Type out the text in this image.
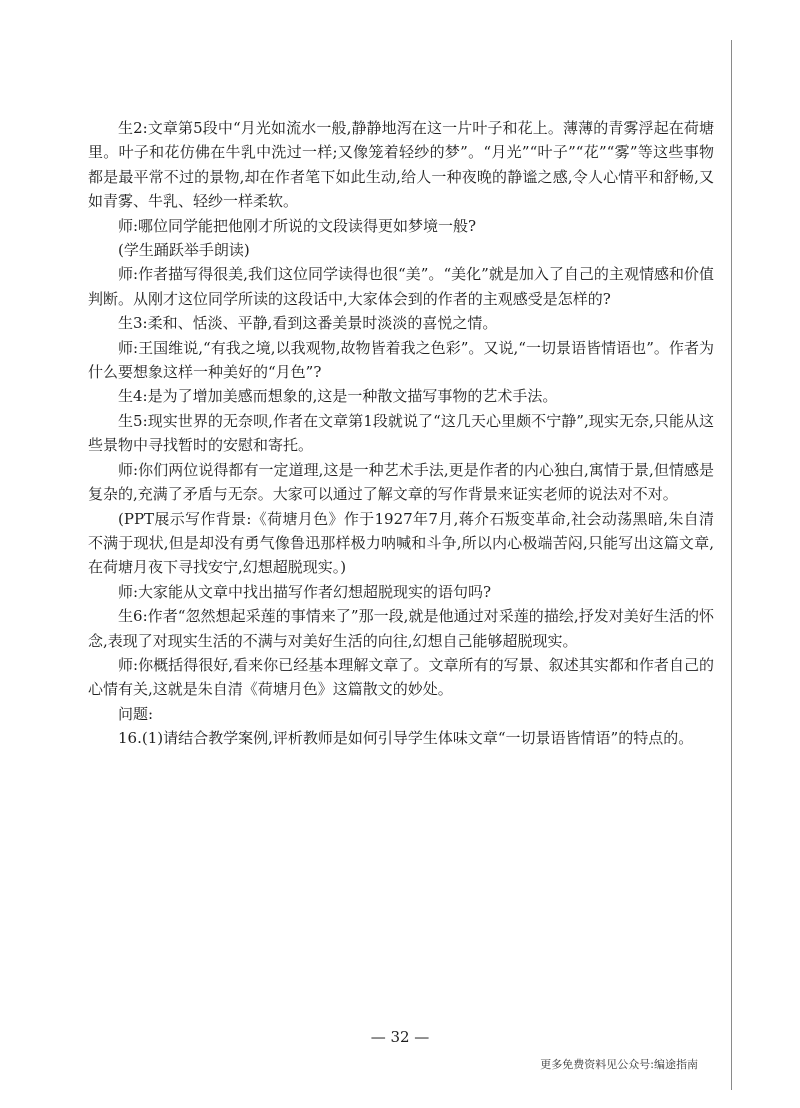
生2:文章第5段中“月光如流水一般,静静地泻在这一片叶子和花上。薄薄的青雾浮起在荷塘里。叶子和花仿佛在牛乳中洗过一样;又像笼着轻纱的梦”。“月光”“叶子”“花”“雾”等这些事物都是最平常不过的景物,却在作者笔下如此生动,给人一种夜晚的静谧之感,令人心情平和舒畅,又如青雾、牛乳、轻纱一样柔软。

师:哪位同学能把他刚才所说的文段读得更如梦境一般?

(学生踊跃举手朗读)

师:作者描写得很美,我们这位同学读得也很“美”。“美化”就是加入了自己的主观情感和价值判断。从刚才这位同学所读的这段话中,大家体会到的作者的主观感受是怎样的?

生3:柔和、恬淡、平静,看到这番美景时淡淡的喜悦之情。

师:王国维说,“有我之境,以我观物,故物皆着我之色彩”。又说,“一切景语皆情语也”。作者为什么要想象这样一种美好的“月色”?

生4:是为了增加美感而想象的,这是一种散文描写事物的艺术手法。

生5:现实世界的无奈呗,作者在文章第1段就说了“这几天心里颇不宁静”,现实无奈,只能从这些景物中寻找暂时的安慰和寄托。

师:你们两位说得都有一定道理,这是一种艺术手法,更是作者的内心独白,寓情于景,但情感是复杂的,充满了矛盾与无奈。大家可以通过了解文章的写作背景来证实老师的说法对不对。

(PPT展示写作背景:《荷塘月色》作于1927年7月,蒋介石叛变革命,社会动荡黑暗,朱自清不满于现状,但是却没有勇气像鲁迅那样极力呐喊和斗争,所以内心极端苦闷,只能写出这篇文章,在荷塘月夜下寻找安宁,幻想超脱现实。)

师:大家能从文章中找出描写作者幻想超脱现实的语句吗?

生6:作者“忽然想起采莲的事情来了”那一段,就是他通过对采莲的描绘,抒发对美好生活的怀念,表现了对现实生活的不满与对美好生活的向往,幻想自己能够超脱现实。

师:你概括得很好,看来你已经基本理解文章了。文章所有的写景、叙述其实都和作者自己的心情有关,这就是朱自清《荷塘月色》这篇散文的妙处。

问题:

16.(1)请结合教学案例,评析教师是如何引导学生体味文章“一切景语皆情语”的特点的。

— 32 —
更多免费资料见公众号:编途指南
